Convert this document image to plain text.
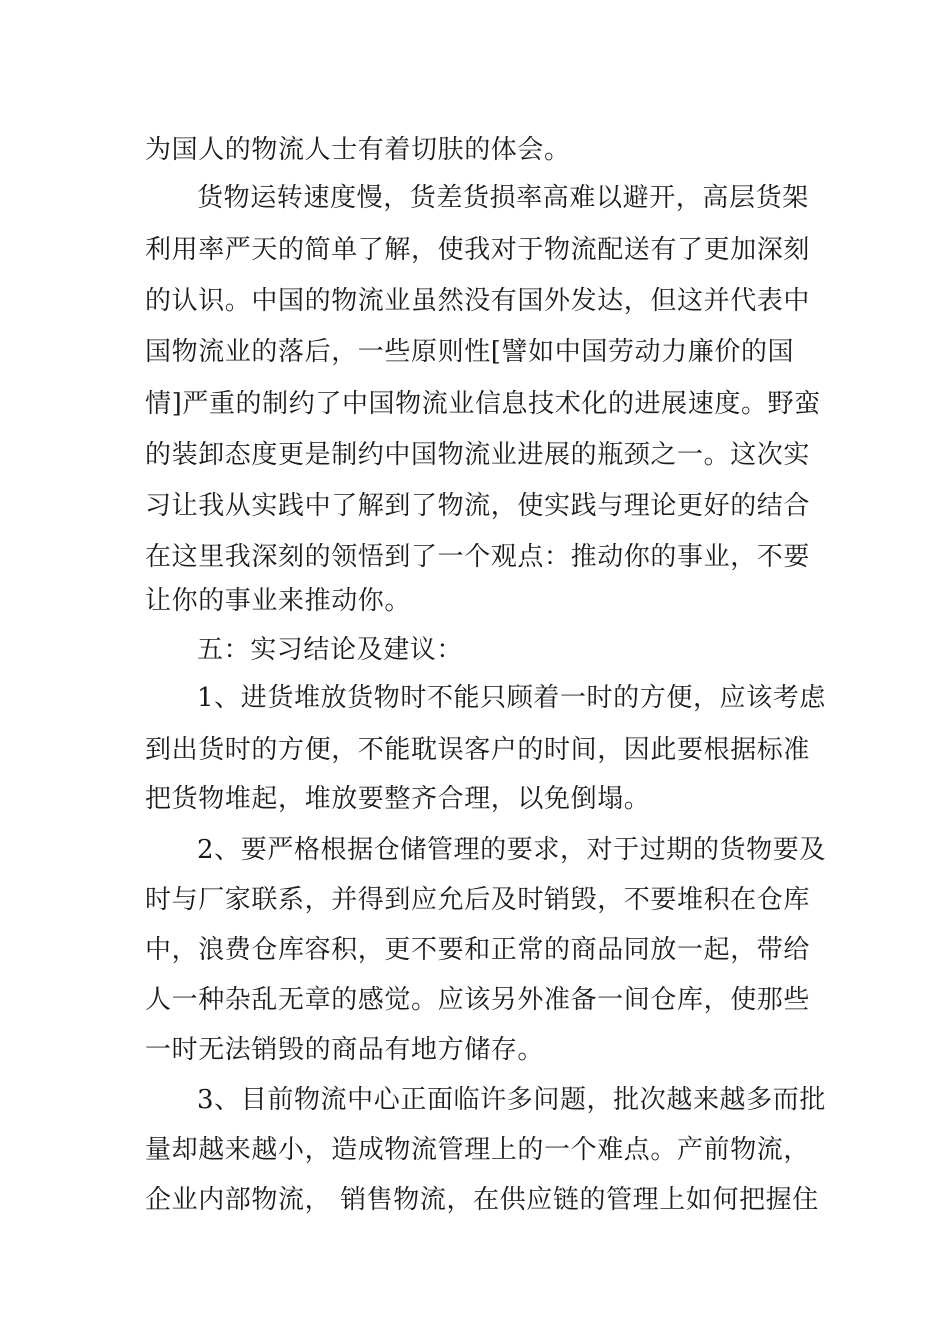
为国人的物流人士有着切肤的体会。
货物运转速度慢，货差货损率高难以避开，高层货架
利用率严天的简单了解，使我对于物流配送有了更加深刻
的认识。中国的物流业虽然没有国外发达，但这并代表中
国物流业的落后，一些原则性[譬如中国劳动力廉价的国
情]严重的制约了中国物流业信息技术化的进展速度。野蛮
的装卸态度更是制约中国物流业进展的瓶颈之一。这次实
习让我从实践中了解到了物流，使实践与理论更好的结合
在这里我深刻的领悟到了一个观点：推动你的事业，不要
让你的事业来推动你。
五：实习结论及建议：
1、进货堆放货物时不能只顾着一时的方便，应该考虑
到出货时的方便，不能耽误客户的时间，因此要根据标准
把货物堆起，堆放要整齐合理，以免倒塌。
2、要严格根据仓储管理的要求，对于过期的货物要及
时与厂家联系，并得到应允后及时销毁，不要堆积在仓库
中，浪费仓库容积，更不要和正常的商品同放一起，带给
人一种杂乱无章的感觉。应该另外准备一间仓库，使那些
一时无法销毁的商品有地方储存。
3、目前物流中心正面临许多问题，批次越来越多而批
量却越来越小，造成物流管理上的一个难点。产前物流，
企业内部物流， 销售物流，在供应链的管理上如何把握住
